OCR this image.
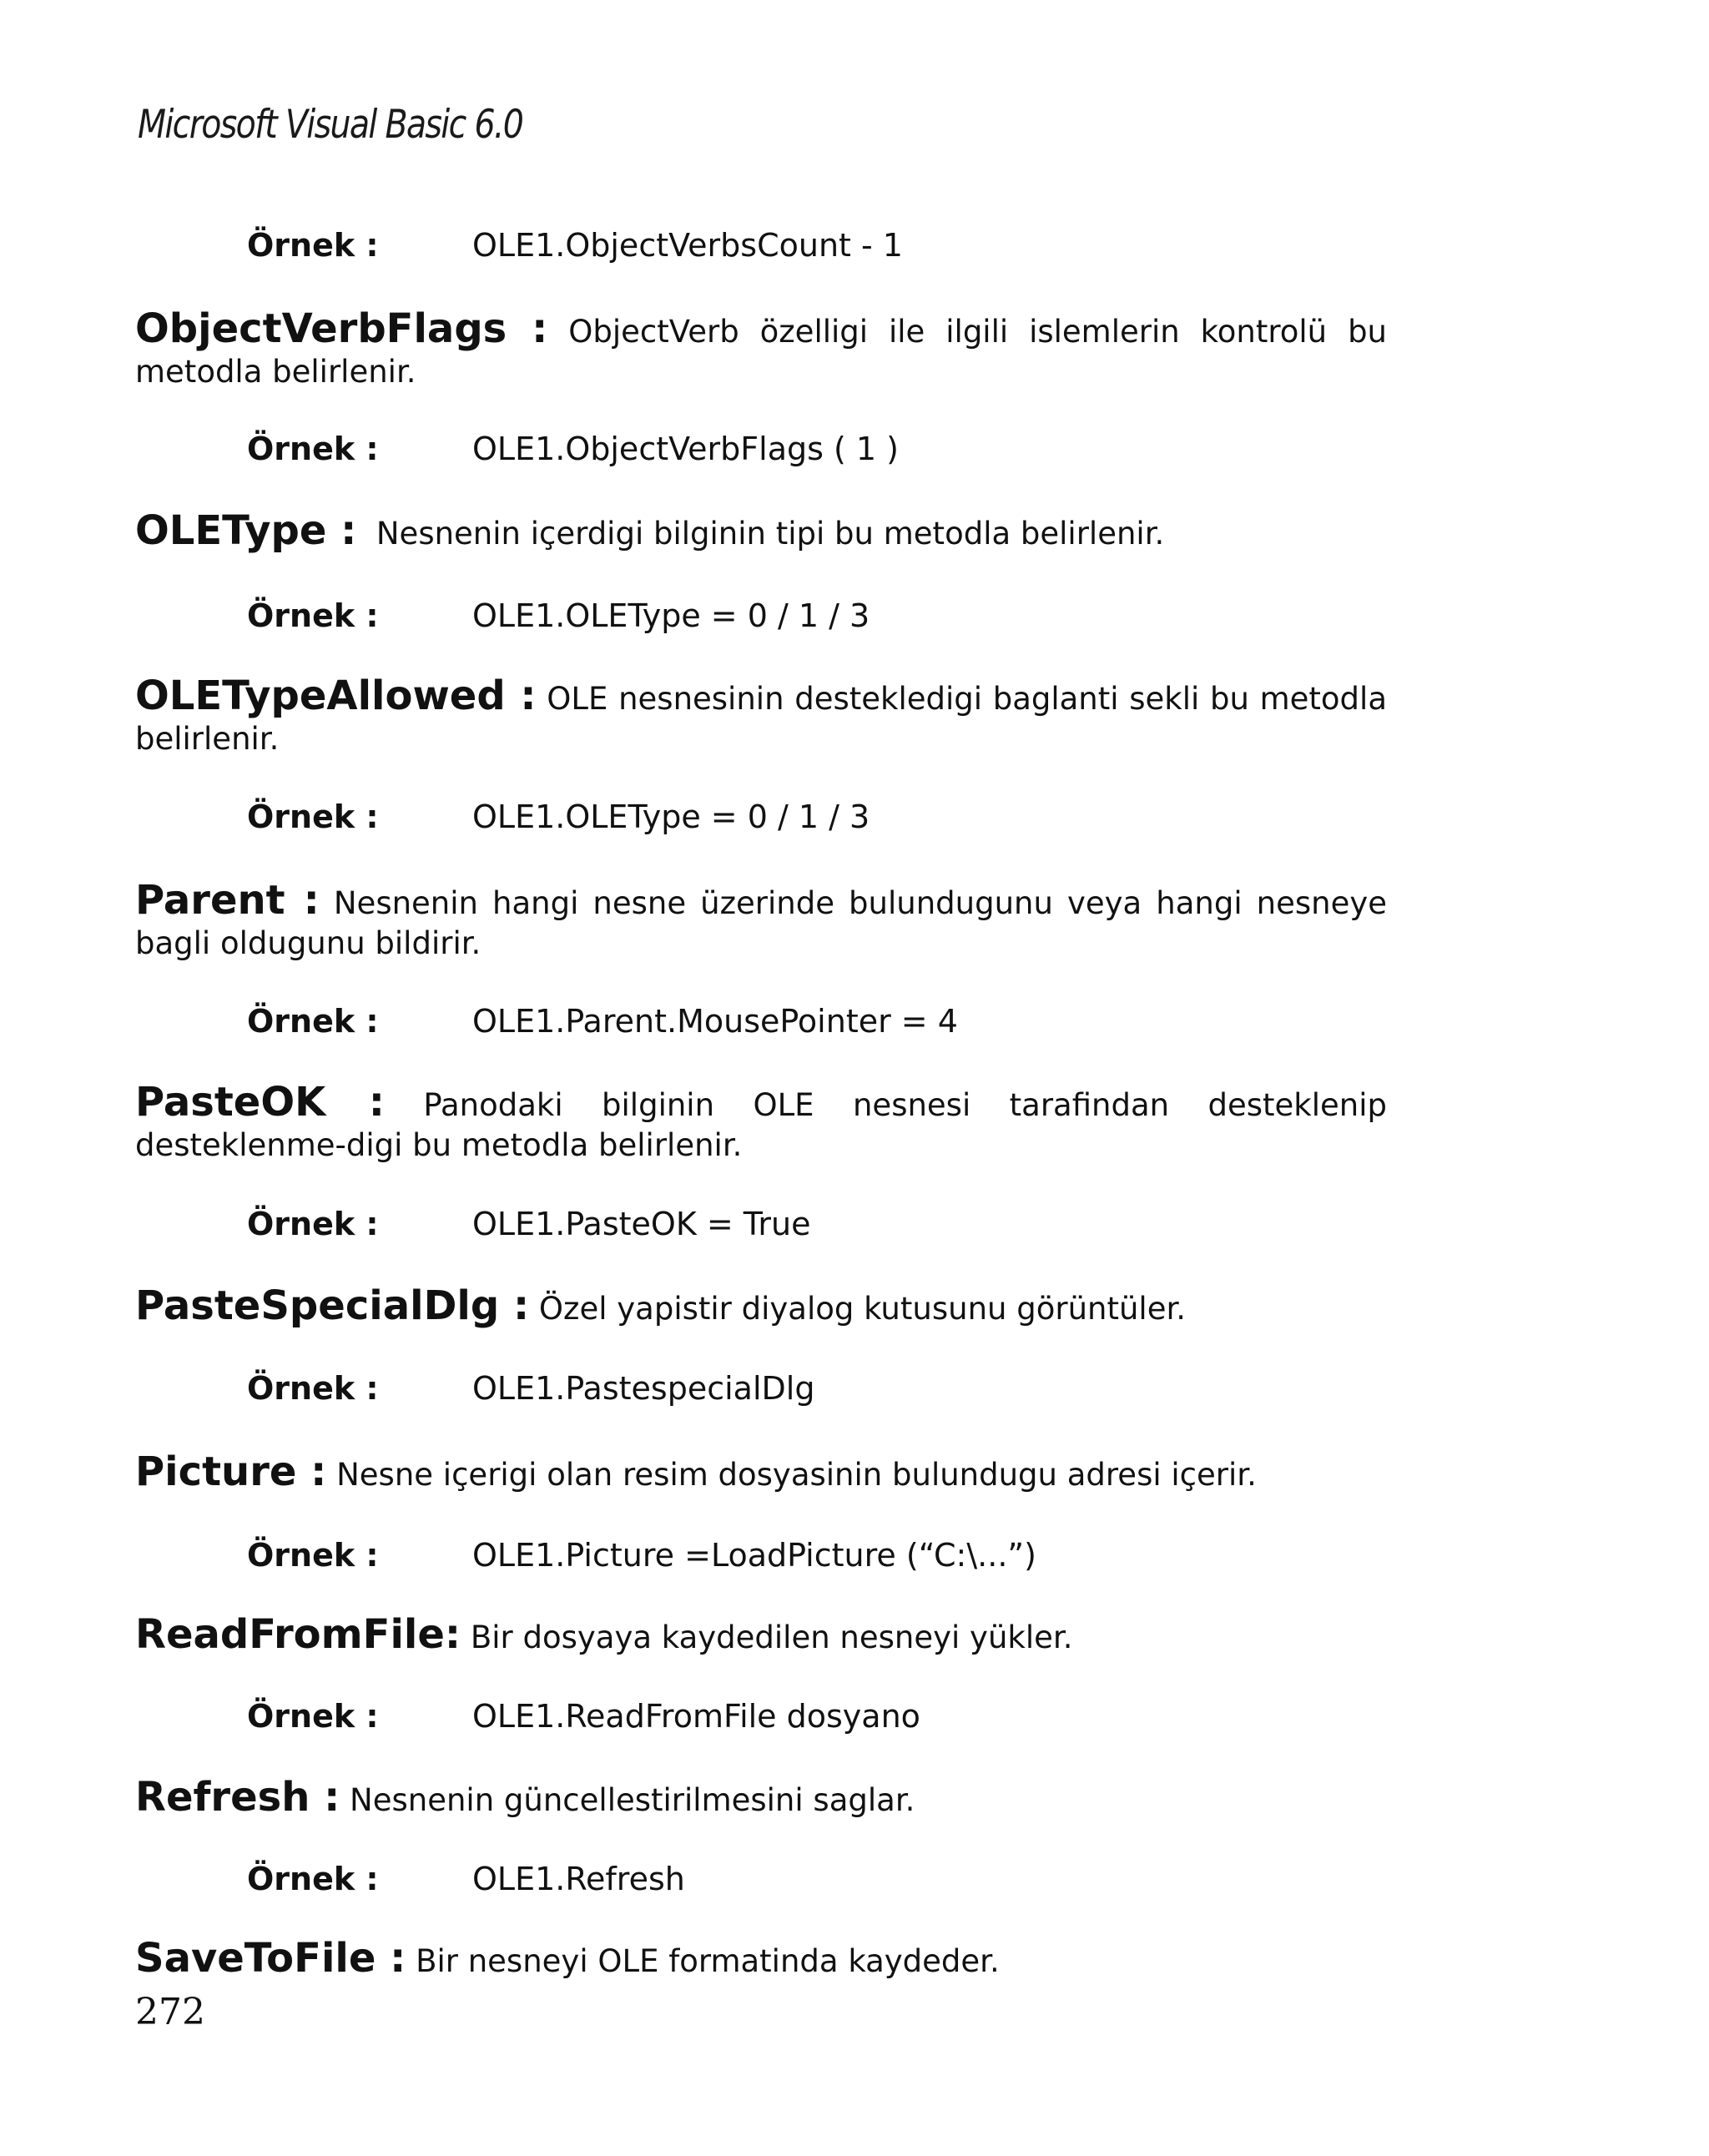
Microsoft Visual Basic 6.0
Örnek :	OLE1.ObjectVerbsCount - 1
ObjectVerbFlags : ObjectVerb özelligi ile ilgili islemlerin kontrolü bu
metodla belirlenir.
Örnek :	OLE1.ObjectVerbFlags ( 1 )
OLEType : Nesnenin içerdigi bilginin tipi bu metodla belirlenir.
Örnek :	OLE1.OLEType = 0 / 1 / 3
OLETypeAllowed : OLE nesnesinin destekledigi baglanti sekli bu metodla
belirlenir.
Örnek :	OLE1.OLEType = 0 / 1 / 3
Parent : Nesnenin hangi nesne üzerinde bulundugunu veya hangi nesneye
bagli oldugunu bildirir.
Örnek :	OLE1.Parent.MousePointer = 4
PasteOK : Panodaki bilginin OLE nesnesi tarafindan desteklenip
desteklenme-digi bu metodla belirlenir.
Örnek :	OLE1.PasteOK = True
PasteSpecialDlg : Özel yapistir diyalog kutusunu görüntüler.
Örnek :	OLE1.PastespecialDlg
Picture : Nesne içerigi olan resim dosyasinin bulundugu adresi içerir.
Örnek :	OLE1.Picture =LoadPicture (“C:\...”)
ReadFromFile: Bir dosyaya kaydedilen nesneyi yükler.
Örnek :	OLE1.ReadFromFile dosyano
Refresh : Nesnenin güncellestirilmesini saglar.
Örnek :	OLE1.Refresh
SaveToFile : Bir nesneyi OLE formatinda kaydeder.
272
